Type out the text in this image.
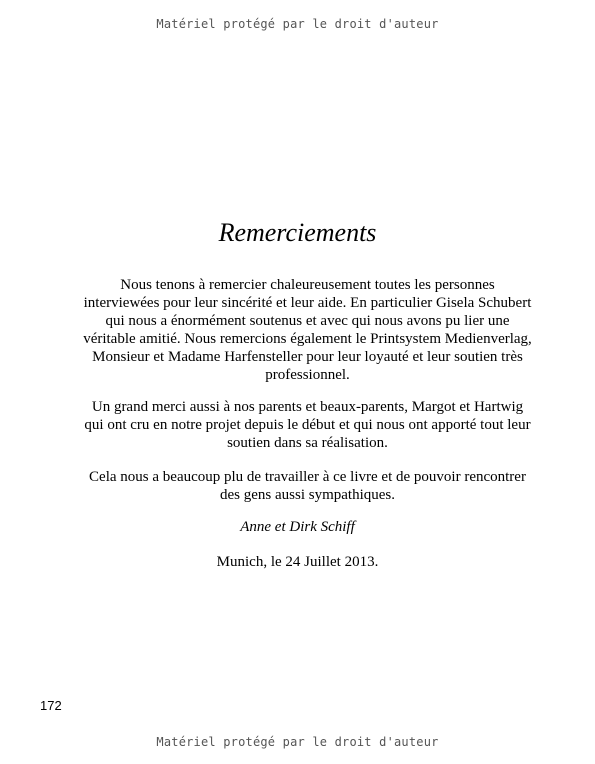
Matériel protégé par le droit d'auteur
Remerciements
Nous tenons à remercier chaleureusement toutes les personnes
interviewées pour leur sincérité et leur aide. En particulier Gisela Schubert
qui nous a énormément soutenus et avec qui nous avons pu lier une
véritable amitié. Nous remercions également le Printsystem Medienverlag,
Monsieur et Madame Harfensteller pour leur loyauté et leur soutien très
professionnel.
Un grand merci aussi à nos parents et beaux-parents, Margot et Hartwig
qui ont cru en notre projet depuis le début et qui nous ont apporté tout leur
soutien dans sa réalisation.
Cela nous a beaucoup plu de travailler à ce livre et de pouvoir rencontrer
des gens aussi sympathiques.
Anne et Dirk Schiff
Munich, le 24 Juillet 2013.
172
Matériel protégé par le droit d'auteur
